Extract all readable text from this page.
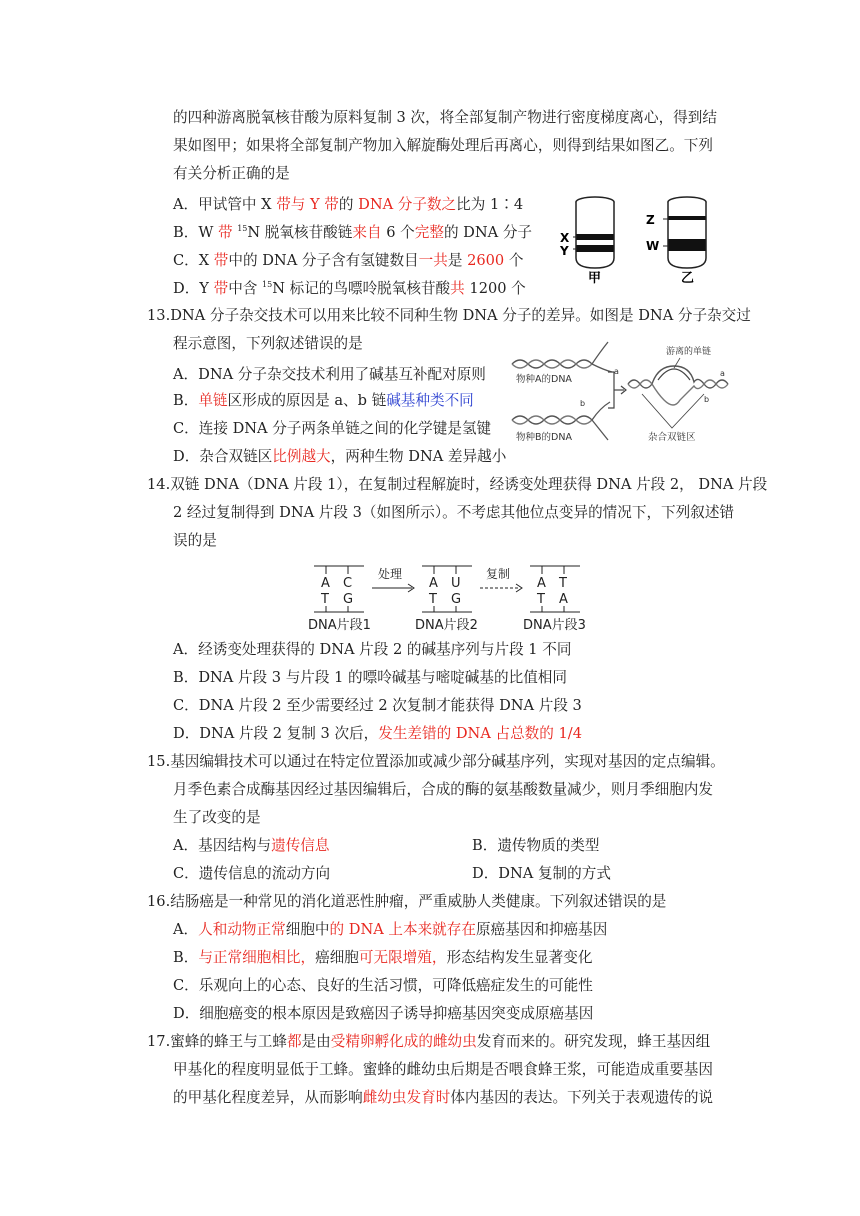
的四种游离脱氧核苷酸为原料复制 3 次，将全部复制产物进行密度梯度离心，得到结
果如图甲；如果将全部复制产物加入解旋酶处理后再离心，则得到结果如图乙。下列
有关分析正确的是
A．甲试管中 X 带与 Y 带的 DNA 分子数之比为 1∶4
B．W 带 $^{15}$N 脱氧核苷酸链来自 6 个完整的 DNA 分子
C．X 带中的 DNA 分子含有氢键数目一共是 2600 个
D．Y 带中含 $^{15}$N 标记的鸟嘌呤脱氧核苷酸共 1200 个
X
Y
甲
Z
W
乙
13.DNA 分子杂交技术可以用来比较不同种生物 DNA 分子的差异。如图是 DNA 分子杂交过
程示意图，下列叙述错误的是
A．DNA 分子杂交技术利用了碱基互补配对原则
B．单链区形成的原因是 a、b 链碱基种类不同
C．连接 DNA 分子两条单链之间的化学键是氢键
D．杂合双链区比例越大，两种生物 DNA 差异越小
物种A的DNA
a
物种B的DNA
b
游离的单链
a
b
杂合双链区
14.双链 DNA（DNA 片段 1），在复制过程解旋时，经诱变处理获得 DNA 片段 2， DNA 片段
2 经过复制得到 DNA 片段 3（如图所示）。不考虑其他位点变异的情况下，下列叙述错
误的是
A C
T G
DNA片段1
处理
A U
T G
DNA片段2
复制
A T
T A
DNA片段3
A．经诱变处理获得的 DNA 片段 2 的碱基序列与片段 1 不同
B．DNA 片段 3 与片段 1 的嘌呤碱基与嘧啶碱基的比值相同
C．DNA 片段 2 至少需要经过 2 次复制才能获得 DNA 片段 3
D．DNA 片段 2 复制 3 次后，发生差错的 DNA 占总数的 1/4
15.基因编辑技术可以通过在特定位置添加或减少部分碱基序列，实现对基因的定点编辑。
月季色素合成酶基因经过基因编辑后，合成的酶的氨基酸数量减少，则月季细胞内发
生了改变的是
A．基因结构与遗传信息	B．遗传物质的类型
C．遗传信息的流动方向	D．DNA 复制的方式
16.结肠癌是一种常见的消化道恶性肿瘤，严重威胁人类健康。下列叙述错误的是
A．人和动物正常细胞中的 DNA 上本来就存在原癌基因和抑癌基因
B．与正常细胞相比，癌细胞可无限增殖，形态结构发生显著变化
C．乐观向上的心态、良好的生活习惯，可降低癌症发生的可能性
D．细胞癌变的根本原因是致癌因子诱导抑癌基因突变成原癌基因
17.蜜蜂的蜂王与工蜂都是由受精卵孵化成的雌幼虫发育而来的。研究发现，蜂王基因组
甲基化的程度明显低于工蜂。蜜蜂的雌幼虫后期是否喂食蜂王浆，可能造成重要基因
的甲基化程度差异，从而影响雌幼虫发育时体内基因的表达。下列关于表观遗传的说
